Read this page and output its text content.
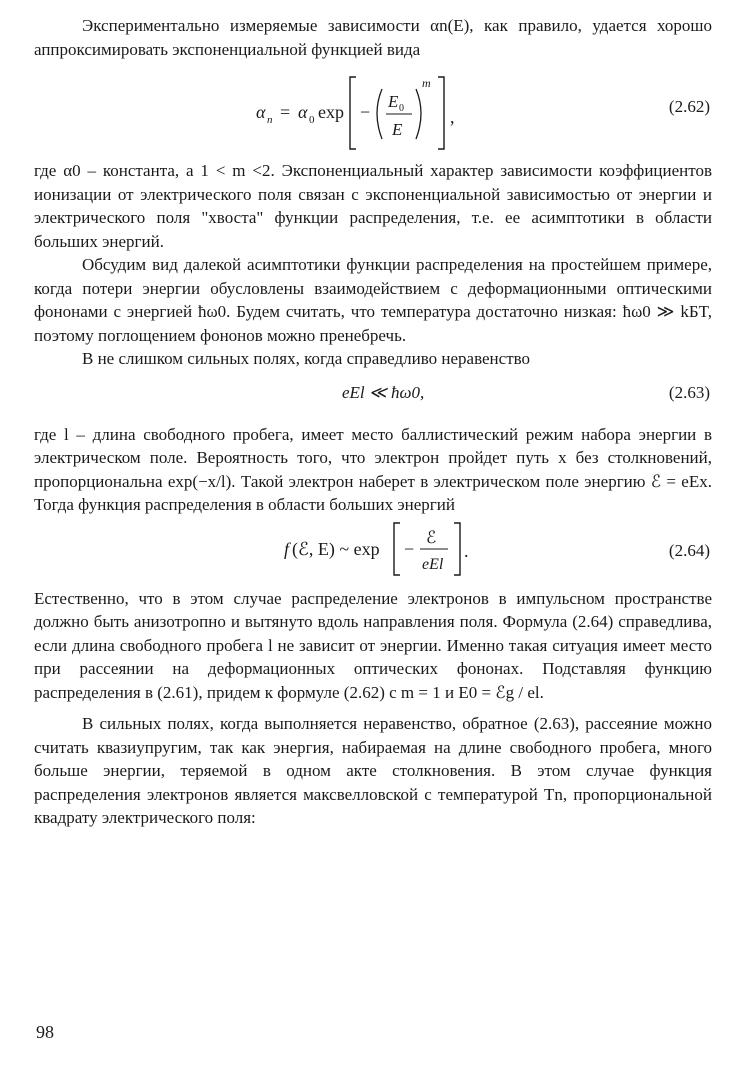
Экспериментально измеряемые зависимости αn(E), как правило, удается хорошо аппроксимировать экспоненциальной функцией вида

α n = α 0 exp −
E 0
E
m
,
(2.62)

где α0 – константа, а 1 < m <2. Экспоненциальный характер зависимости коэффициентов ионизации от электрического поля связан с экспоненциальной зависимостью от энергии и электрического поля "хвоста" функции распределения, т.е. ее асимптотики в области больших энергий.

Обсудим вид далекой асимптотики функции распределения на простейшем примере, когда потери энергии обусловлены взаимодействием с деформационными оптическими фононами с энергией ħω0. Будем считать, что температура достаточно низкая: ħω0 ≫ kБT, поэтому поглощением фононов можно пренебречь.

В не слишком сильных полях, когда справедливо неравенство

eEl ≪ ħω0,	(2.63)

где l – длина свободного пробега, имеет место баллистический режим набора энергии в электрическом поле. Вероятность того, что электрон пройдет путь x без столкновений, пропорциональна exp(−x/l). Такой электрон наберет в электрическом поле энергию ℰ = eEx. Тогда функция распределения в области больших энергий

f (ℰ, E) ~ exp −
ℰ
eEl
.	(2.64)

Естественно, что в этом случае распределение электронов в импульсном пространстве должно быть анизотропно и вытянуто вдоль направления поля. Формула (2.64) справедлива, если длина свободного пробега l не зависит от энергии. Именно такая ситуация имеет место при рассеянии на деформационных оптических фононах. Подставляя функцию распределения в (2.61), придем к формуле (2.62) с m = 1 и E0 = ℰg / el.

В сильных полях, когда выполняется неравенство, обратное (2.63), рассеяние можно считать квазиупругим, так как энергия, набираемая на длине свободного пробега, много больше энергии, теряемой в одном акте столкновения. В этом случае функция распределения электронов является максвелловской с температурой Tn, пропорциональной квадрату электрического поля:

98
